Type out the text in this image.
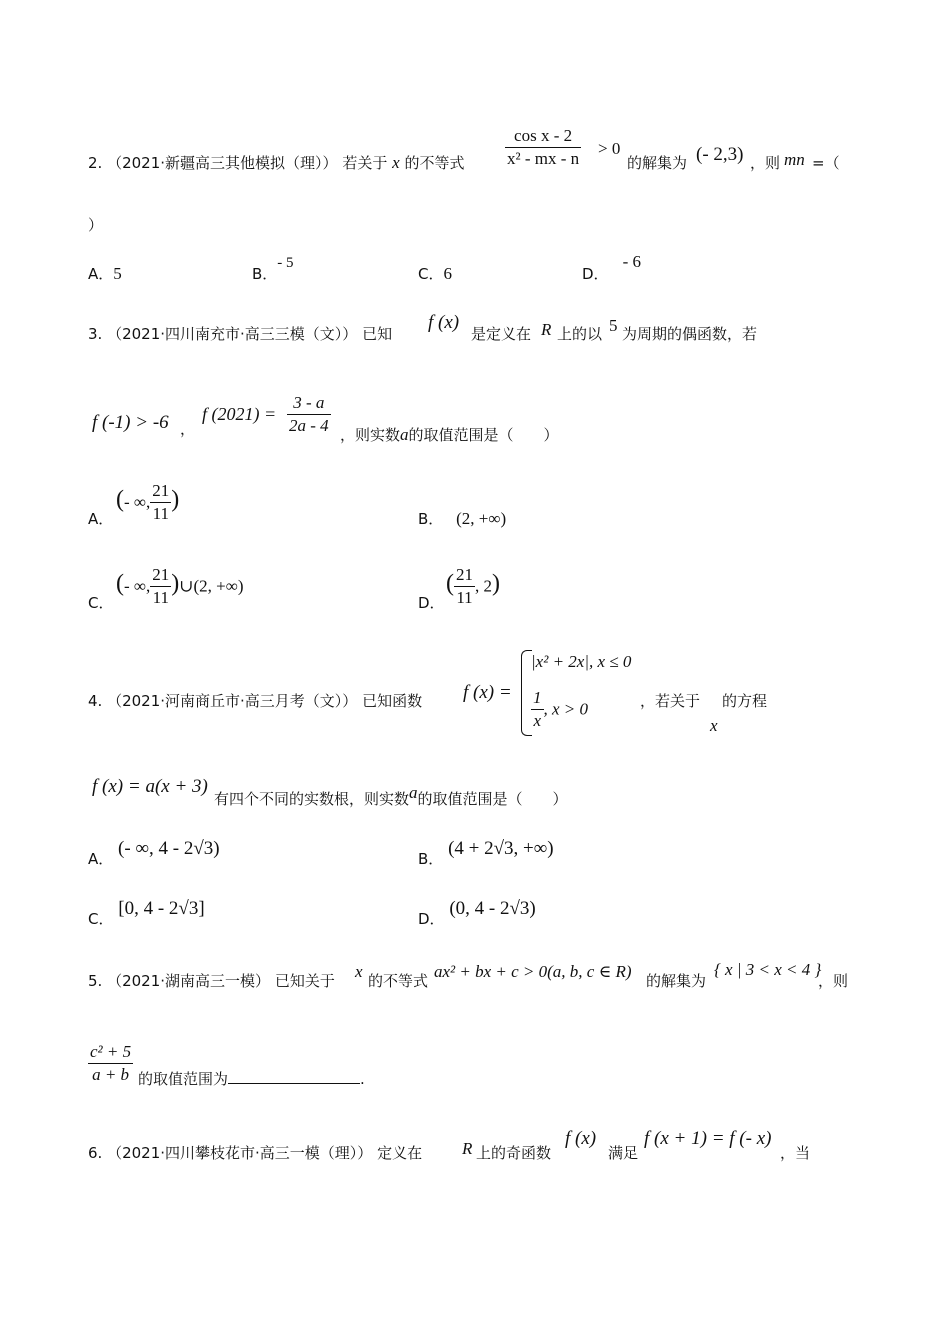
2. （2021·新疆高三其他模拟（理）） 若关于 x 的不等式 $\frac{\text{cos x - 2}}{\text{x² - mx - n}} > 0$
的解集为 (- 2,3) ，则 mn =（
）
A．5	B．- 5
C．6	D．- 6
3. （2021·四川南充市·高三三模（文）） 已知
f (x)
是定义在 R 上的以 5 为周期的偶函数，若
f (-1) > -6 ，
f $(2021) = \frac{3 - a}{2a - 4}$ ，则实数a的取值范围是（　　）
A．
(- ∞, $\frac{21}{11}$ )
B． (2, +∞)
C．
(- ∞, $\frac{21}{11}$ )∪(2, +∞)
D．
( $\frac{21}{11}$ , 2)
4. （2021·河南商丘市·高三月考（文）） 已知函数 f (x) =
|x² + 2x|, x ≤ 0
$\frac{1}{x}$ , x > 0	，若关于 的方程
x
f (x) = a(x + 3)
有四个不同的实数根，则实数a的取值范围是（　　）
A． (- ∞, 4 - 2√3)	B． (4 + 2√3, +∞)
C． [0, 4 - 2√3]	D． (0, 4 - 2√3)
5. （2021·湖南高三一模） 已知关于 x 的不等式 ax² + bx + c > 0(a, b, c ∈ R) 的解集为
{ x | 3 < x < 4 }
，则
$\frac{\text{c² + 5}}{a + b}$ 的取值范围为	.
6. （2021·四川攀枝花市·高三一模（理）） 定义在 R 上的奇函数
f (x)
满足
f (x + 1) = f (- x)
，当
